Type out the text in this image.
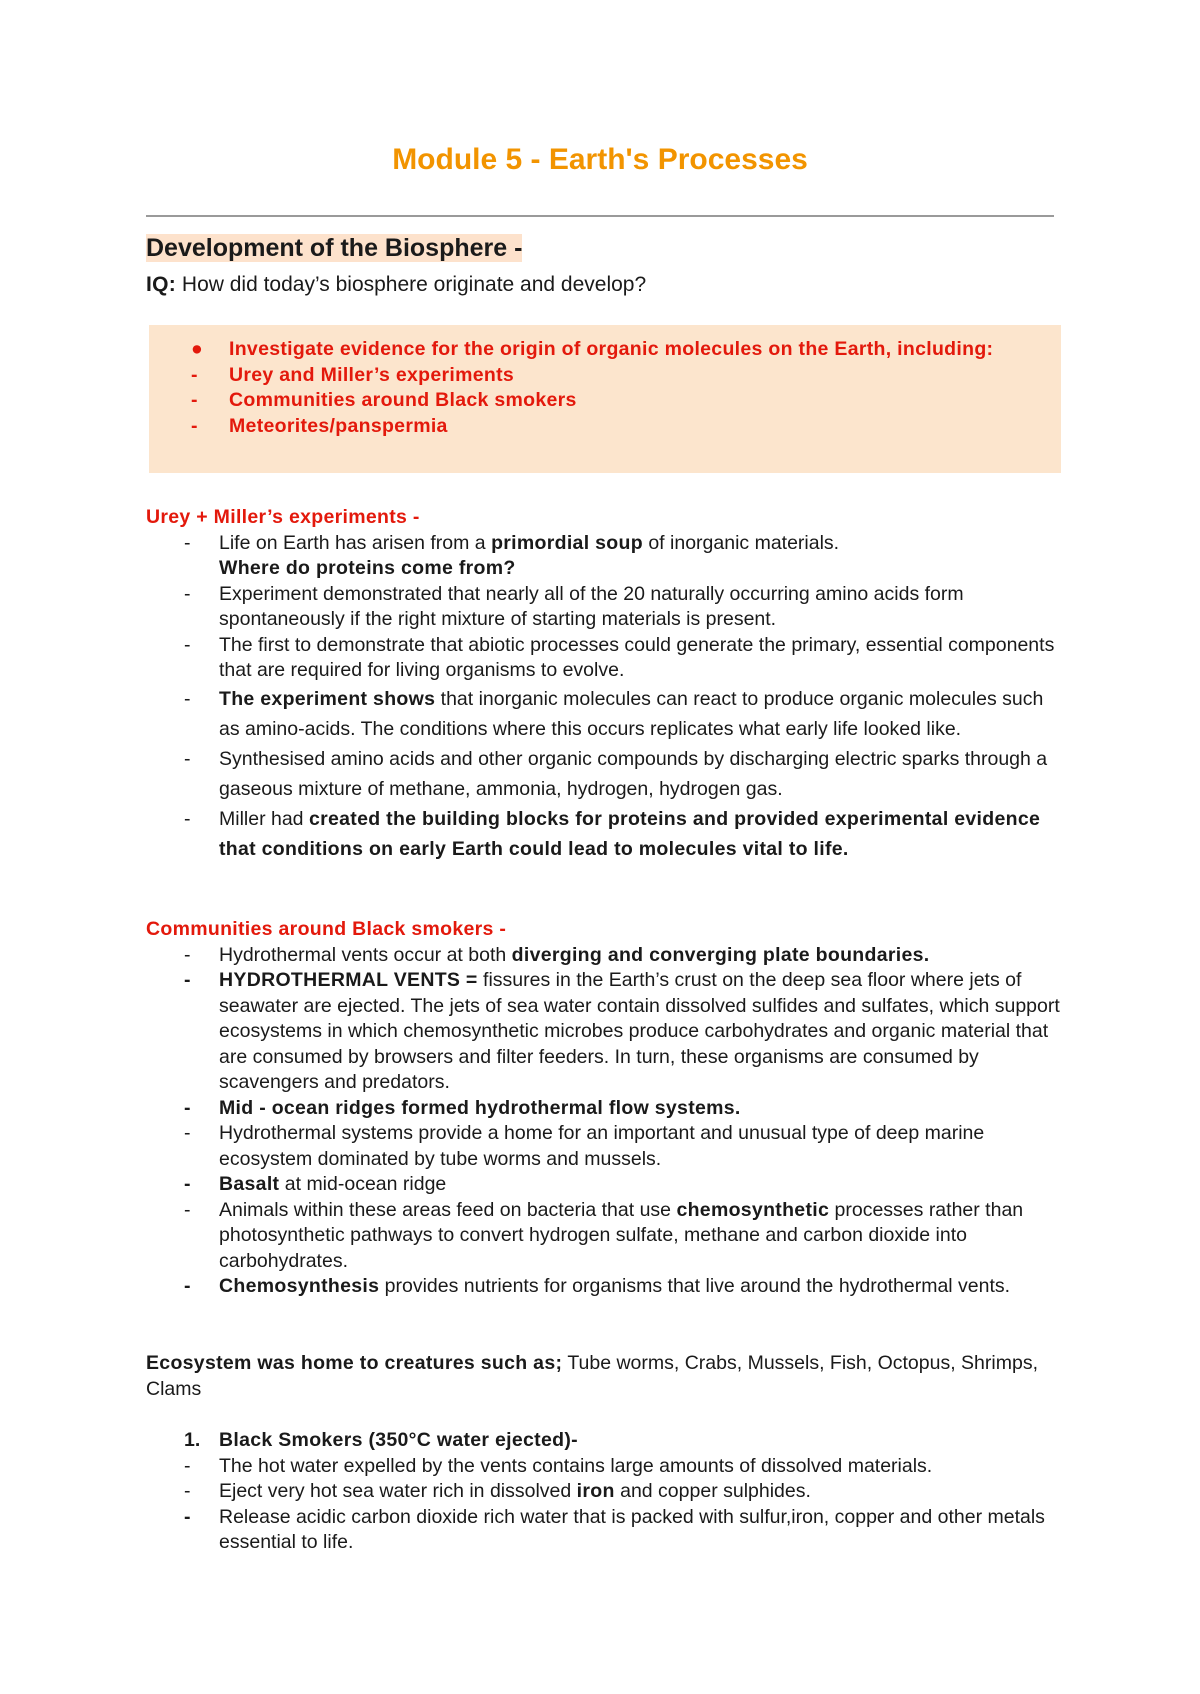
Module 5 - Earth's Processes
Development of the Biosphere -

IQ: How did today’s biosphere originate and develop?

● Investigate evidence for the origin of organic molecules on the Earth, including:
- Urey and Miller’s experiments
- Communities around Black smokers
- Meteorites/panspermia

Urey + Miller’s experiments -

- Life on Earth has arisen from a primordial soup of inorganic materials.
Where do proteins come from?
- Experiment demonstrated that nearly all of the 20 naturally occurring amino acids form spontaneously if the right mixture of starting materials is present.
- The first to demonstrate that abiotic processes could generate the primary, essential components that are required for living organisms to evolve.
- The experiment shows that inorganic molecules can react to produce organic molecules such as amino-acids. The conditions where this occurs replicates what early life looked like.
- Synthesised amino acids and other organic compounds by discharging electric sparks through a gaseous mixture of methane, ammonia, hydrogen, hydrogen gas.
- Miller had created the building blocks for proteins and provided experimental evidence that conditions on early Earth could lead to molecules vital to life.

Communities around Black smokers -

- Hydrothermal vents occur at both diverging and converging plate boundaries.
- HYDROTHERMAL VENTS = fissures in the Earth’s crust on the deep sea floor where jets of seawater are ejected. The jets of sea water contain dissolved sulfides and sulfates, which support ecosystems in which chemosynthetic microbes produce carbohydrates and organic material that are consumed by browsers and filter feeders. In turn, these organisms are consumed by scavengers and predators.
- Mid - ocean ridges formed hydrothermal flow systems.
- Hydrothermal systems provide a home for an important and unusual type of deep marine ecosystem dominated by tube worms and mussels.
- Basalt at mid-ocean ridge
- Animals within these areas feed on bacteria that use chemosynthetic processes rather than photosynthetic pathways to convert hydrogen sulfate, methane and carbon dioxide into carbohydrates.
- Chemosynthesis provides nutrients for organisms that live around the hydrothermal vents.

Ecosystem was home to creatures such as; Tube worms, Crabs, Mussels, Fish, Octopus, Shrimps, Clams

1. Black Smokers (350°C water ejected)-
- The hot water expelled by the vents contains large amounts of dissolved materials.
- Eject very hot sea water rich in dissolved iron and copper sulphides.
- Release acidic carbon dioxide rich water that is packed with sulfur,iron, copper and other metals essential to life.
